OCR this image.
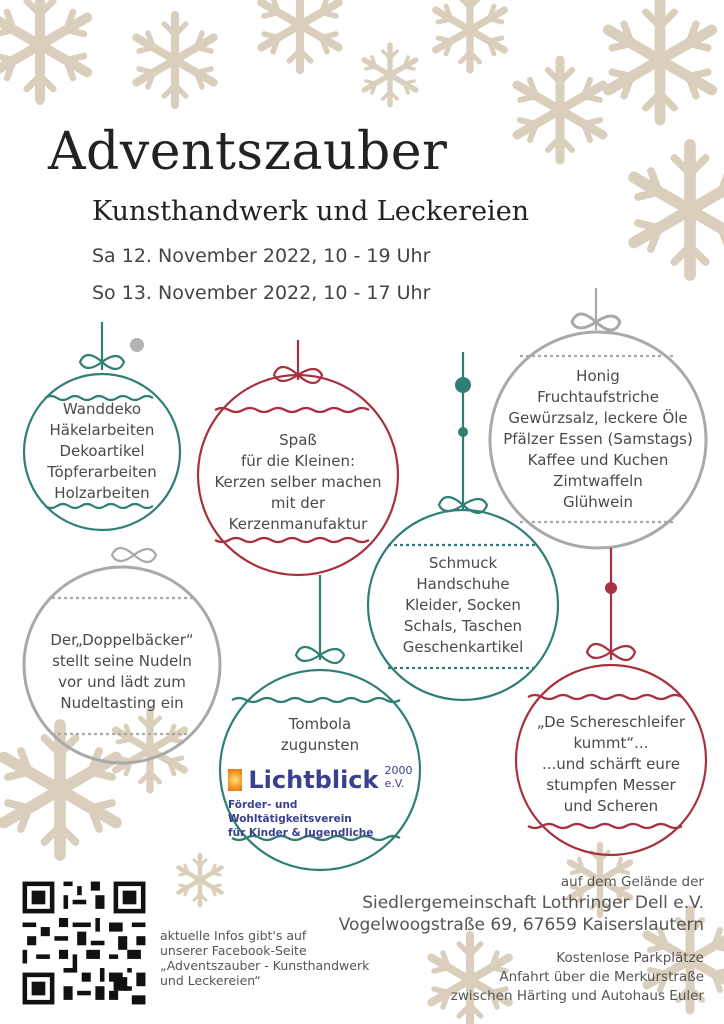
Adventszauber
Kunsthandwerk und Leckereien
Sa 12. November 2022, 10 - 19 Uhr
So 13. November 2022, 10 - 17 Uhr
Wanddeko
Häkelarbeiten
Dekoartikel
Töpferarbeiten
Holzarbeiten
Spaß
für die Kleinen:
Kerzen selber machen
mit der
Kerzenmanufaktur
Honig
Fruchtaufstriche
Gewürzsalz, leckere Öle
Pfälzer Essen (Samstags)
Kaffee und Kuchen
Zimtwaffeln
Glühwein
Der„Doppelbäcker“
stellt seine Nudeln
vor und lädt zum
Nudeltasting ein
Schmuck
Handschuhe
Kleider, Socken
Schals, Taschen
Geschenkartikel
Tombola
zugunsten
„De Schereschleifer
kummt“...
...und schärft eure
stumpfen Messer
und Scheren
Lichtblick 2000 e.V.
Förder- und Wohltätigkeitsverein
für Kinder & Jugendliche
auf dem Gelände der
Siedlergemeinschaft Lothringer Dell e.V.
Vogelwoogstraße 69, 67659 Kaiserslautern
Kostenlose Parkplätze
Anfahrt über die Merkurstraße
zwischen Härting und Autohaus Euler
aktuelle Infos gibt's auf
unserer Facebook-Seite
„Adventszauber - Kunsthandwerk
und Leckereien“
